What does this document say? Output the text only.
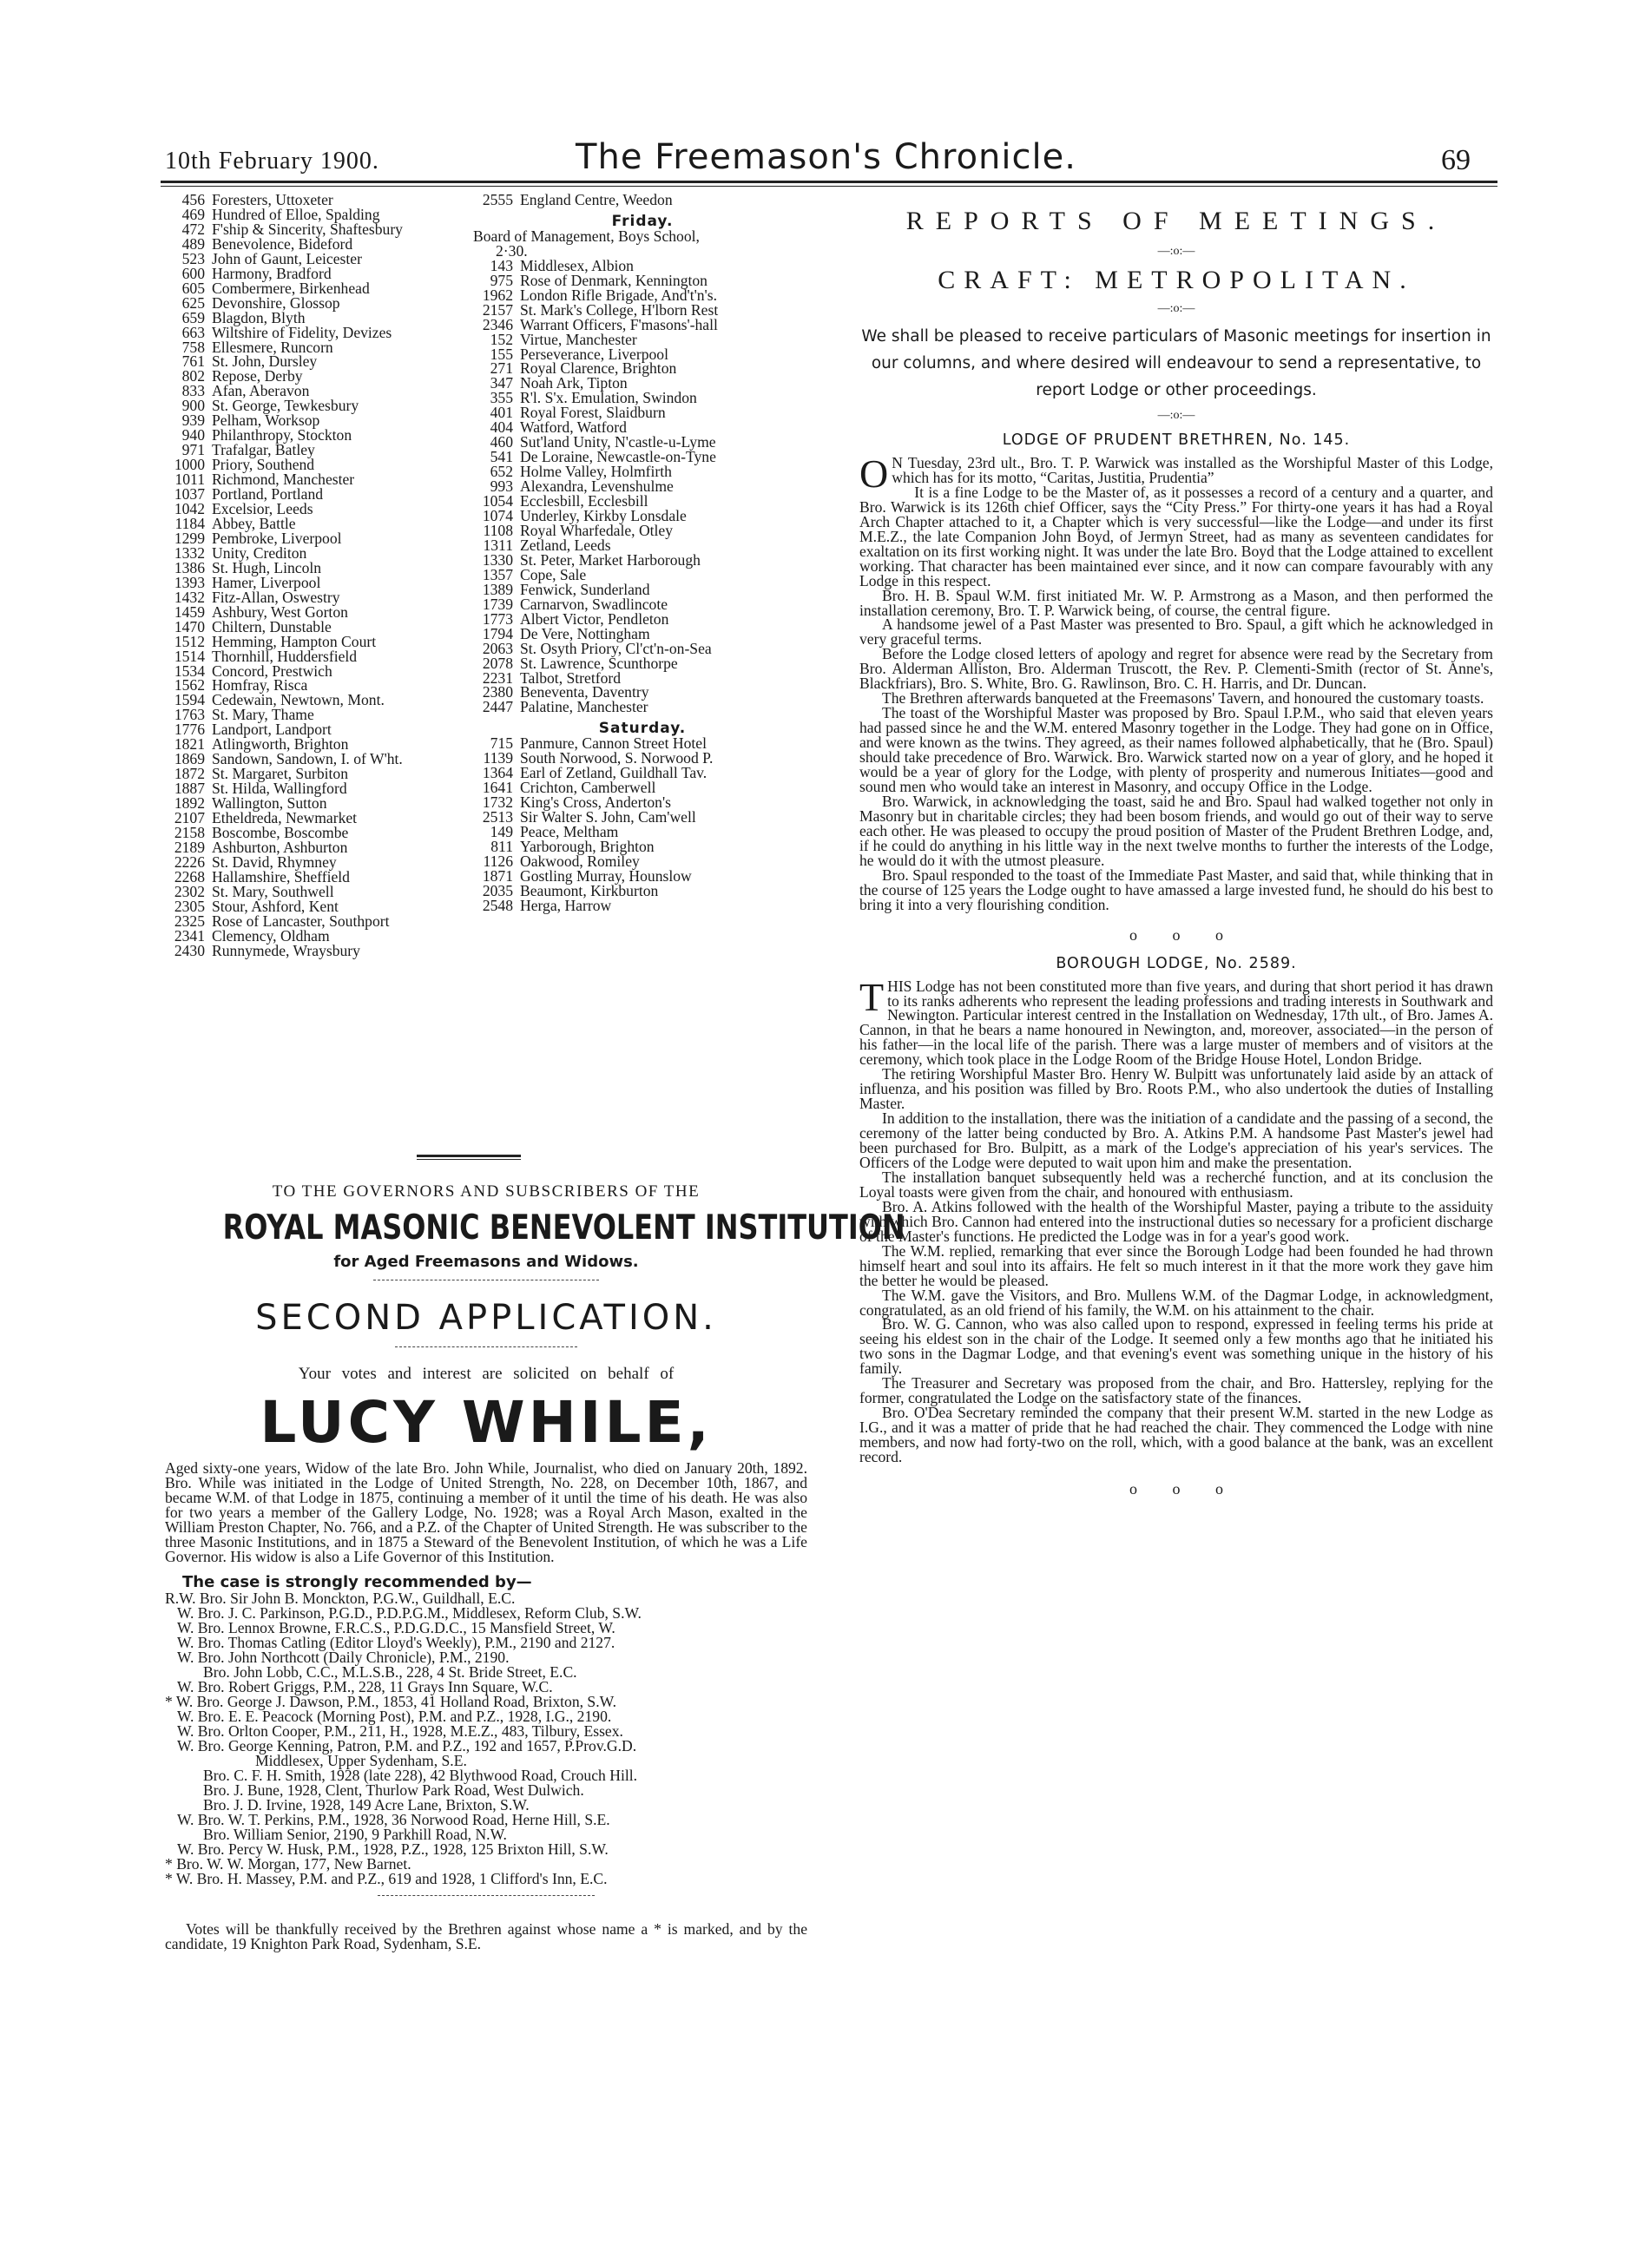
10th February 1900.	The Freemason's Chronicle.	69
456 Foresters, Uttoxeter
469 Hundred of Elloe, Spalding
472 F'ship & Sincerity, Shaftesbury
489 Benevolence, Bideford
523 John of Gaunt, Leicester
600 Harmony, Bradford
605 Combermere, Birkenhead
625 Devonshire, Glossop
659 Blagdon, Blyth
663 Wiltshire of Fidelity, Devizes
758 Ellesmere, Runcorn
761 St. John, Dursley
802 Repose, Derby
833 Afan, Aberavon
900 St. George, Tewkesbury
939 Pelham, Worksop
940 Philanthropy, Stockton
971 Trafalgar, Batley
1000 Priory, Southend
1011 Richmond, Manchester
1037 Portland, Portland
1042 Excelsior, Leeds
1184 Abbey, Battle
1299 Pembroke, Liverpool
1332 Unity, Crediton
1386 St. Hugh, Lincoln
1393 Hamer, Liverpool
1432 Fitz-Allan, Oswestry
1459 Ashbury, West Gorton
1470 Chiltern, Dunstable
1512 Hemming, Hampton Court
1514 Thornhill, Huddersfield
1534 Concord, Prestwich
1562 Homfray, Risca
1594 Cedewain, Newtown, Mont.
1763 St. Mary, Thame
1776 Landport, Landport
1821 Atlingworth, Brighton
1869 Sandown, Sandown, I. of W'ht.
1872 St. Margaret, Surbiton
1887 St. Hilda, Wallingford
1892 Wallington, Sutton
2107 Etheldreda, Newmarket
2158 Boscombe, Boscombe
2189 Ashburton, Ashburton
2226 St. David, Rhymney
2268 Hallamshire, Sheffield
2302 St. Mary, Southwell
2305 Stour, Ashford, Kent
2325 Rose of Lancaster, Southport
2341 Clemency, Oldham
2430 Runnymede, Wraysbury
2555 England Centre, Weedon
Friday.
Board of Management, Boys School,
2·30.
143 Middlesex, Albion
975 Rose of Denmark, Kennington
1962 London Rifle Brigade, And't'n's.
2157 St. Mark's College, H'lborn Rest
2346 Warrant Officers, F'masons'-hall
152 Virtue, Manchester
155 Perseverance, Liverpool
271 Royal Clarence, Brighton
347 Noah Ark, Tipton
355 R'l. S'x. Emulation, Swindon
401 Royal Forest, Slaidburn
404 Watford, Watford
460 Sut'land Unity, N'castle-u-Lyme
541 De Loraine, Newcastle-on-Tyne
652 Holme Valley, Holmfirth
993 Alexandra, Levenshulme
1054 Ecclesbill, Ecclesbill
1074 Underley, Kirkby Lonsdale
1108 Royal Wharfedale, Otley
1311 Zetland, Leeds
1330 St. Peter, Market Harborough
1357 Cope, Sale
1389 Fenwick, Sunderland
1739 Carnarvon, Swadlincote
1773 Albert Victor, Pendleton
1794 De Vere, Nottingham
2063 St. Osyth Priory, Cl'ct'n-on-Sea
2078 St. Lawrence, Scunthorpe
2231 Talbot, Stretford
2380 Beneventa, Daventry
2447 Palatine, Manchester
Saturday.
715 Panmure, Cannon Street Hotel
1139 South Norwood, S. Norwood P.
1364 Earl of Zetland, Guildhall Tav.
1641 Crichton, Camberwell
1732 King's Cross, Anderton's
2513 Sir Walter S. John, Cam'well
149 Peace, Meltham
811 Yarborough, Brighton
1126 Oakwood, Romiley
1871 Gostling Murray, Hounslow
2035 Beaumont, Kirkburton
2548 Herga, Harrow
TO THE GOVERNORS AND SUBSCRIBERS OF THE
ROYAL MASONIC BENEVOLENT INSTITUTION
for Aged Freemasons and Widows.
SECOND APPLICATION.
Your votes and interest are solicited on behalf of
LUCY WHILE,
Aged sixty-one years, Widow of the late Bro. John While, Journalist, who died on January 20th, 1892. Bro. While was initiated in the Lodge of United Strength, No. 228, on December 10th, 1867, and became W.M. of that Lodge in 1875, continuing a member of it until the time of his death. He was also for two years a member of the Gallery Lodge, No. 1928; was a Royal Arch Mason, exalted in the William Preston Chapter, No. 766, and a P.Z. of the Chapter of United Strength. He was subscriber to the three Masonic Institutions, and in 1875 a Steward of the Benevolent Institution, of which he was a Life Governor. His widow is also a Life Governor of this Institution.
The case is strongly recommended by—
R.W. Bro. Sir John B. Monckton, P.G.W., Guildhall, E.C.
W. Bro. J. C. Parkinson, P.G.D., P.D.P.G.M., Middlesex, Reform Club, S.W.
W. Bro. Lennox Browne, F.R.C.S., P.D.G.D.C., 15 Mansfield Street, W.
W. Bro. Thomas Catling (Editor Lloyd's Weekly), P.M., 2190 and 2127.
W. Bro. John Northcott (Daily Chronicle), P.M., 2190.
Bro. John Lobb, C.C., M.L.S.B., 228, 4 St. Bride Street, E.C.
W. Bro. Robert Griggs, P.M., 228, 11 Grays Inn Square, W.C.
* W. Bro. George J. Dawson, P.M., 1853, 41 Holland Road, Brixton, S.W.
W. Bro. E. E. Peacock (Morning Post), P.M. and P.Z., 1928, I.G., 2190.
W. Bro. Orlton Cooper, P.M., 211, H., 1928, M.E.Z., 483, Tilbury, Essex.
W. Bro. George Kenning, Patron, P.M. and P.Z., 192 and 1657, P.Prov.G.D.
Middlesex, Upper Sydenham, S.E.
Bro. C. F. H. Smith, 1928 (late 228), 42 Blythwood Road, Crouch Hill.
Bro. J. Bune, 1928, Clent, Thurlow Park Road, West Dulwich.
Bro. J. D. Irvine, 1928, 149 Acre Lane, Brixton, S.W.
W. Bro. W. T. Perkins, P.M., 1928, 36 Norwood Road, Herne Hill, S.E.
Bro. William Senior, 2190, 9 Parkhill Road, N.W.
W. Bro. Percy W. Husk, P.M., 1928, P.Z., 1928, 125 Brixton Hill, S.W.
* Bro. W. W. Morgan, 177, New Barnet.
* W. Bro. H. Massey, P.M. and P.Z., 619 and 1928, 1 Clifford's Inn, E.C.
Votes will be thankfully received by the Brethren against whose name a * is marked, and by the candidate, 19 Knighton Park Road, Sydenham, S.E.
REPORTS OF MEETINGS.
—:o:—
CRAFT: METROPOLITAN.
—:o:—
We shall be pleased to receive particulars of Masonic meetings for insertion in our columns, and where desired will endeavour to send a representative, to report Lodge or other proceedings.
—:o:—
LODGE OF PRUDENT BRETHREN, No. 145.

O N Tuesday, 23rd ult., Bro. T. P. Warwick was installed as the Worshipful Master of this Lodge, which has for its motto, “Caritas, Justitia, Prudentia”

It is a fine Lodge to be the Master of, as it possesses a record of a century and a quarter, and Bro. Warwick is its 126th chief Officer, says the “City Press.” For thirty-one years it has had a Royal Arch Chapter attached to it, a Chapter which is very successful—like the Lodge—and under its first M.E.Z., the late Companion John Boyd, of Jermyn Street, had as many as seventeen candidates for exaltation on its first working night. It was under the late Bro. Boyd that the Lodge attained to excellent working. That character has been maintained ever since, and it now can compare favourably with any Lodge in this respect.

Bro. H. B. Spaul W.M. first initiated Mr. W. P. Armstrong as a Mason, and then performed the installation ceremony, Bro. T. P. Warwick being, of course, the central figure.

A handsome jewel of a Past Master was presented to Bro. Spaul, a gift which he acknowledged in very graceful terms.

Before the Lodge closed letters of apology and regret for absence were read by the Secretary from Bro. Alderman Alliston, Bro. Alderman Truscott, the Rev. P. Clementi-Smith (rector of St. Anne's, Blackfriars), Bro. S. White, Bro. G. Rawlinson, Bro. C. H. Harris, and Dr. Duncan.

The Brethren afterwards banqueted at the Freemasons' Tavern, and honoured the customary toasts.

The toast of the Worshipful Master was proposed by Bro. Spaul I.P.M., who said that eleven years had passed since he and the W.M. entered Masonry together in the Lodge. They had gone on in Office, and were known as the twins. They agreed, as their names followed alphabetically, that he (Bro. Spaul) should take precedence of Bro. Warwick. Bro. Warwick started now on a year of glory, and he hoped it would be a year of glory for the Lodge, with plenty of prosperity and numerous Initiates—good and sound men who would take an interest in Masonry, and occupy Office in the Lodge.

Bro. Warwick, in acknowledging the toast, said he and Bro. Spaul had walked together not only in Masonry but in charitable circles; they had been bosom friends, and would go out of their way to serve each other. He was pleased to occupy the proud position of Master of the Prudent Brethren Lodge, and, if he could do anything in his little way in the next twelve months to further the interests of the Lodge, he would do it with the utmost pleasure.

Bro. Spaul responded to the toast of the Immediate Past Master, and said that, while thinking that in the course of 125 years the Lodge ought to have amassed a large invested fund, he should do his best to bring it into a very flourishing condition.

o o o
BOROUGH LODGE, No. 2589.

THIS Lodge has not been constituted more than five years, and during that short period it has drawn to its ranks adherents who represent the leading professions and trading interests in Southwark and Newington. Particular interest centred in the Installation on Wednesday, 17th ult., of Bro. James A. Cannon, in that he bears a name honoured in Newington, and, moreover, associated—in the person of his father—in the local life of the parish. There was a large muster of members and of visitors at the ceremony, which took place in the Lodge Room of the Bridge House Hotel, London Bridge.

The retiring Worshipful Master Bro. Henry W. Bulpitt was unfortunately laid aside by an attack of influenza, and his position was filled by Bro. Roots P.M., who also undertook the duties of Installing Master.

In addition to the installation, there was the initiation of a candidate and the passing of a second, the ceremony of the latter being conducted by Bro. A. Atkins P.M. A handsome Past Master's jewel had been purchased for Bro. Bulpitt, as a mark of the Lodge's appreciation of his year's services. The Officers of the Lodge were deputed to wait upon him and make the presentation.

The installation banquet subsequently held was a recherché function, and at its conclusion the Loyal toasts were given from the chair, and honoured with enthusiasm.

Bro. A. Atkins followed with the health of the Worshipful Master, paying a tribute to the assiduity with which Bro. Cannon had entered into the instructional duties so necessary for a proficient discharge of the Master's functions. He predicted the Lodge was in for a year's good work.

The W.M. replied, remarking that ever since the Borough Lodge had been founded he had thrown himself heart and soul into its affairs. He felt so much interest in it that the more work they gave him the better he would be pleased.

The W.M. gave the Visitors, and Bro. Mullens W.M. of the Dagmar Lodge, in acknowledgment, congratulated, as an old friend of his family, the W.M. on his attainment to the chair.

Bro. W. G. Cannon, who was also called upon to respond, expressed in feeling terms his pride at seeing his eldest son in the chair of the Lodge. It seemed only a few months ago that he initiated his two sons in the Dagmar Lodge, and that evening's event was something unique in the history of his family.

The Treasurer and Secretary was proposed from the chair, and Bro. Hattersley, replying for the former, congratulated the Lodge on the satisfactory state of the finances.

Bro. O'Dea Secretary reminded the company that their present W.M. started in the new Lodge as I.G., and it was a matter of pride that he had reached the chair. They commenced the Lodge with nine members, and now had forty-two on the roll, which, with a good balance at the bank, was an excellent record.

o o o
